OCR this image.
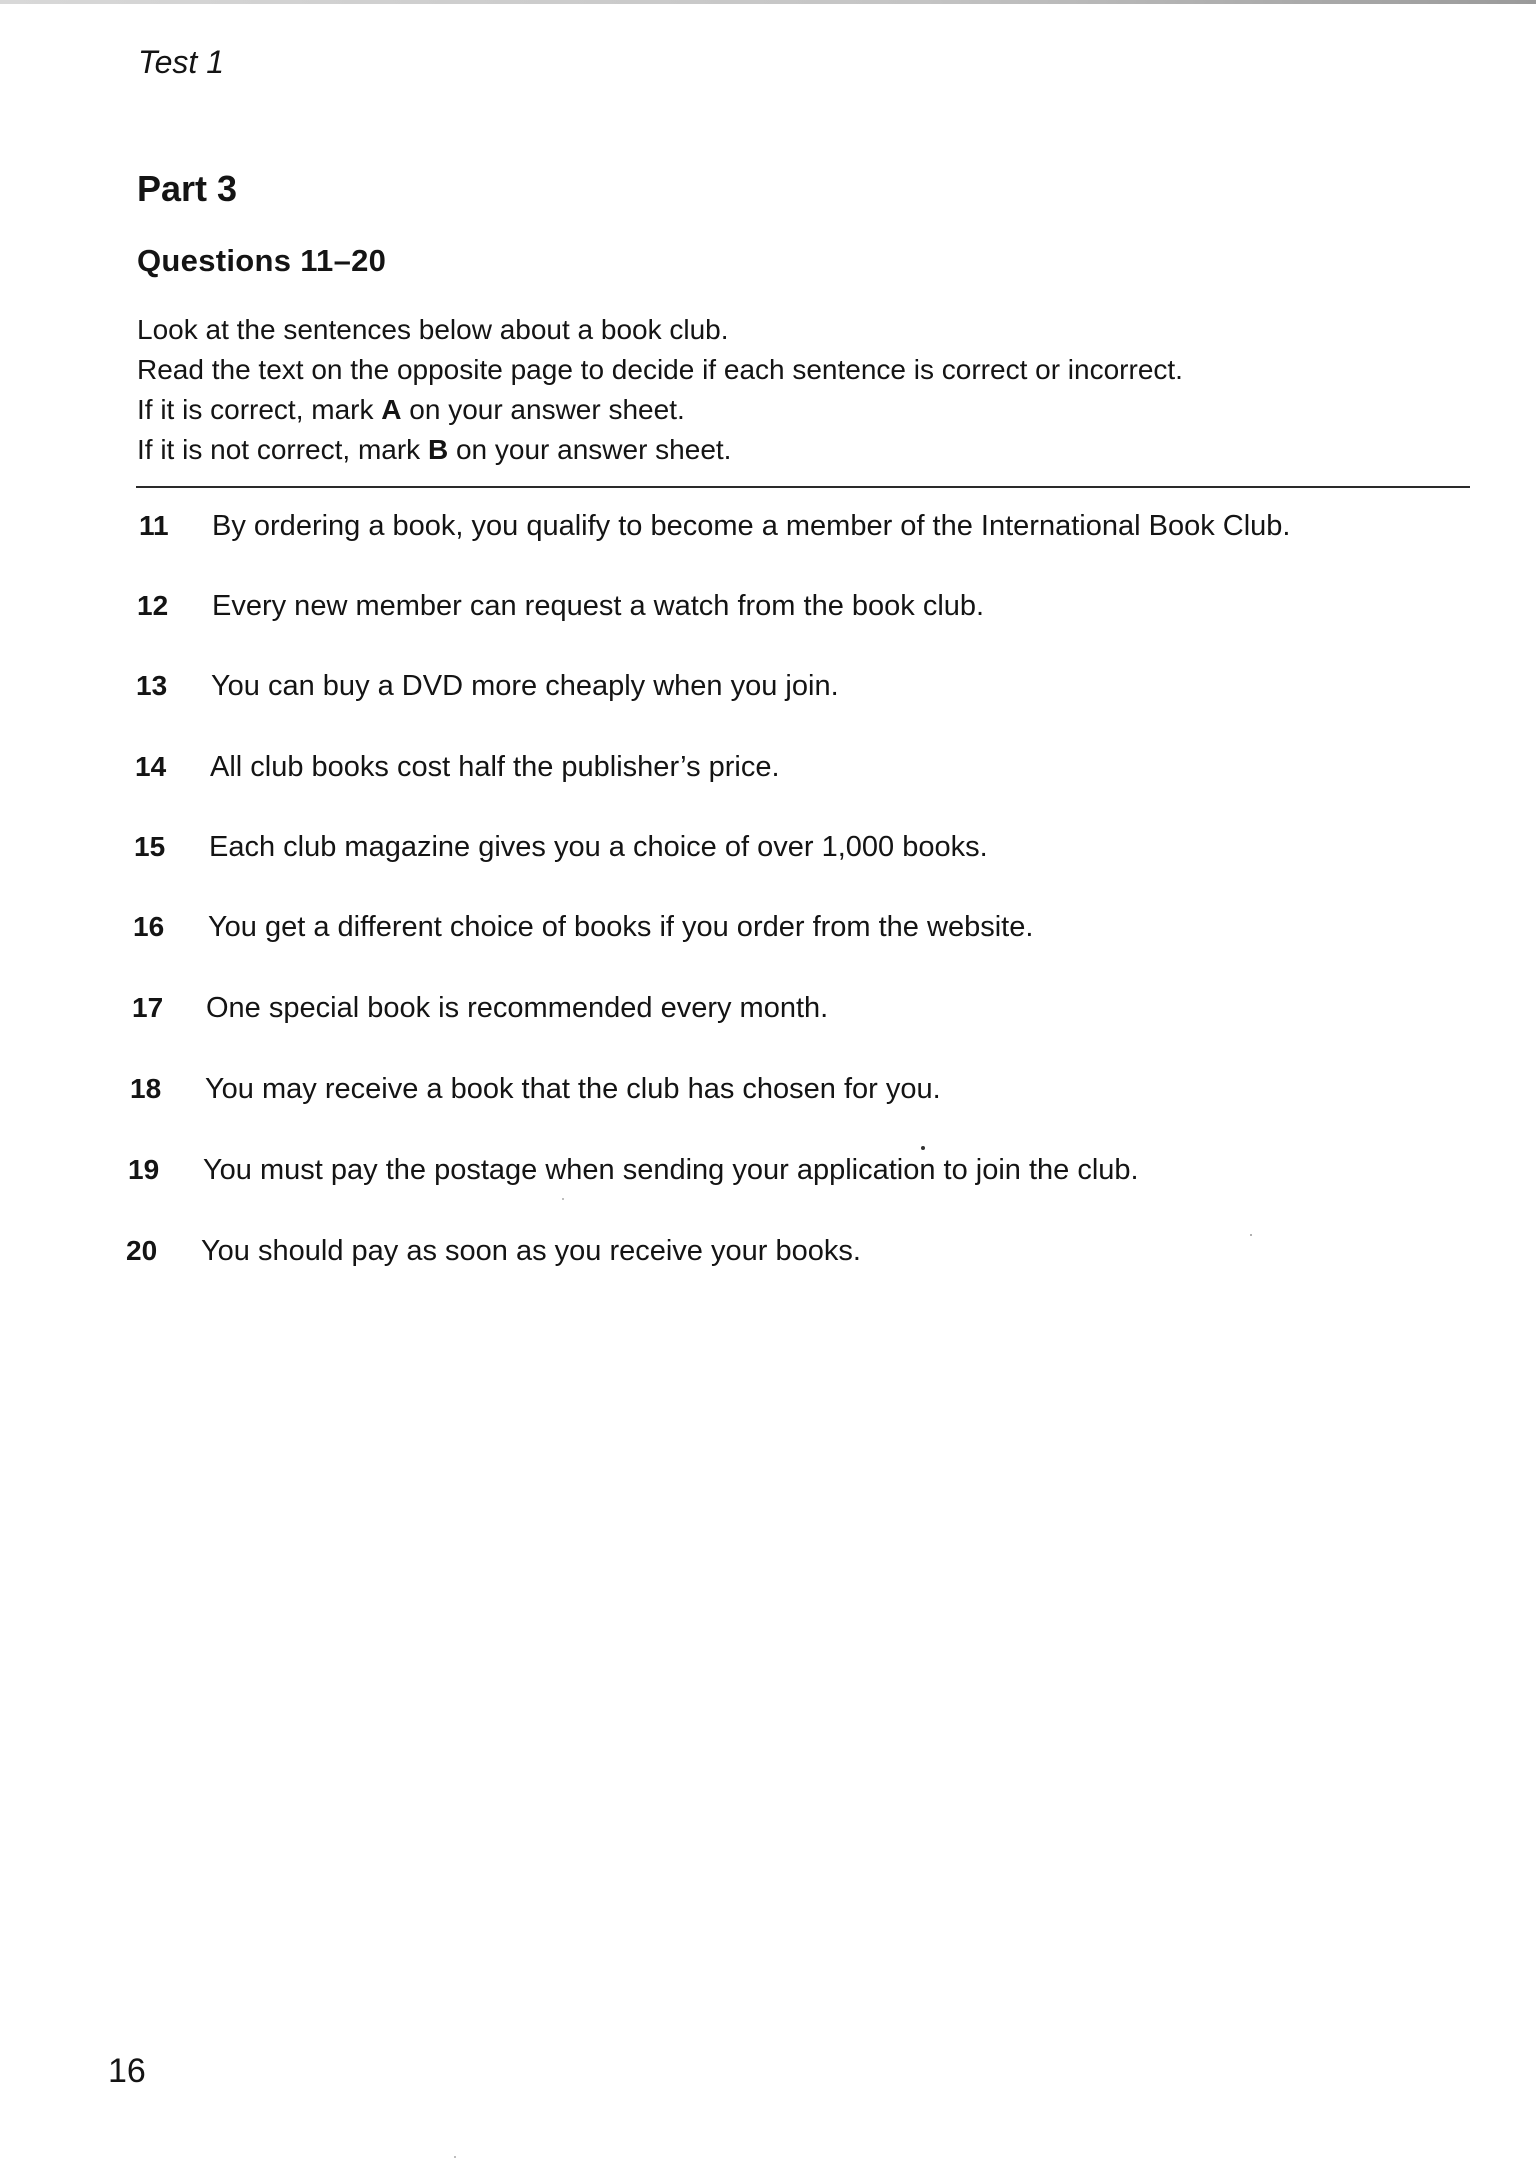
Test 1
Part 3
Questions 11–20
Look at the sentences below about a book club.
Read the text on the opposite page to decide if each sentence is correct or incorrect.
If it is correct, mark A on your answer sheet.
If it is not correct, mark B on your answer sheet.
11	By ordering a book, you qualify to become a member of the International Book Club.
12	Every new member can request a watch from the book club.
13	You can buy a DVD more cheaply when you join.
14	All club books cost half the publisher’s price.
15	Each club magazine gives you a choice of over 1,000 books.
16	You get a different choice of books if you order from the website.
17	One special book is recommended every month.
18	You may receive a book that the club has chosen for you.
19	You must pay the postage when sending your application to join the club.
20	You should pay as soon as you receive your books.
16
